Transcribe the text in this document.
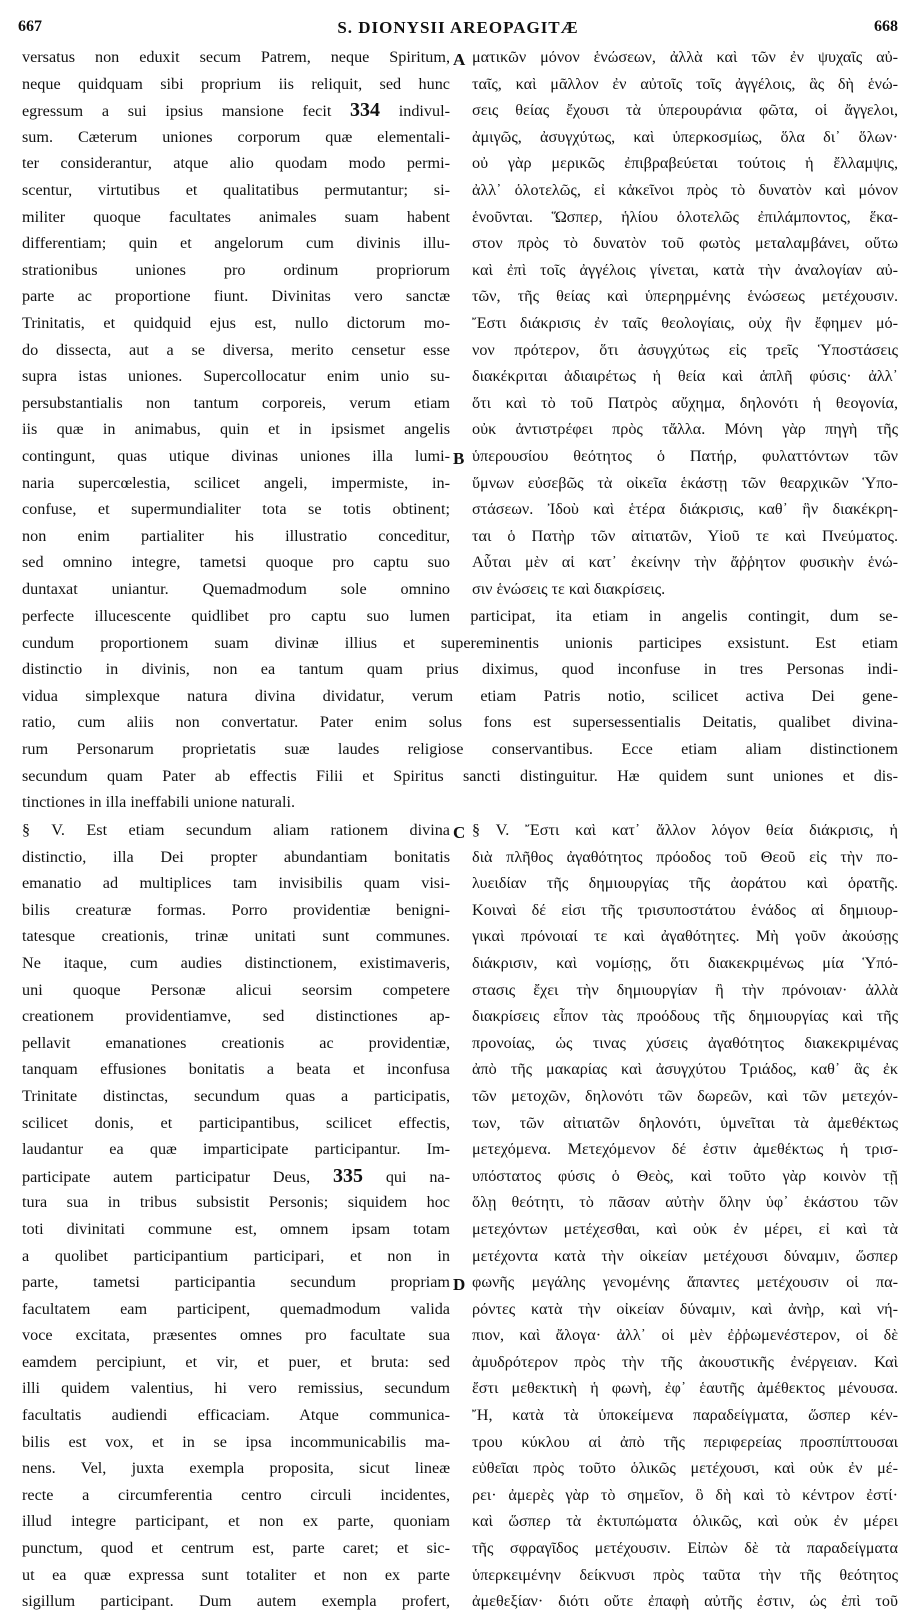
667	S. DIONYSII AREOPAGITÆ	668
versatus non eduxit secum Patrem, neque Spiritum,
neque quidquam sibi proprium iis reliquit, sed hunc
egressum a sui ipsius mansione fecit 334 indivul-
sum. Cæterum uniones corporum quæ elementali-
ter considerantur, atque alio quodam modo permi-
scentur, virtutibus et qualitatibus permutantur; si-
militer quoque facultates animales suam habent
differentiam; quin et angelorum cum divinis illu-
strationibus uniones pro ordinum propriorum
parte ac proportione fiunt. Divinitas vero sanctæ
Trinitatis, et quidquid ejus est, nullo dictorum mo-
do dissecta, aut a se diversa, merito censetur esse
supra istas uniones. Supercollocatur enim unio su-
persubstantialis non tantum corporeis, verum etiam
iis quæ in animabus, quin et in ipsismet angelis
contingunt, quas utique divinas uniones illa lumi-
naria supercœlestia, scilicet angeli, impermiste, in-
confuse, et supermundialiter tota se totis obtinent;
non enim partialiter his illustratio conceditur,
sed omnino integre, tametsi quoque pro captu suo
duntaxat uniantur. Quemadmodum sole omnino
ματικῶν μόνον ἑνώσεων, ἀλλὰ καὶ τῶν ἐν ψυχαῖς αὐ-
ταῖς, καὶ μᾶλλον ἐν αὐτοῖς τοῖς ἀγγέλοις, ἃς δὴ ἑνώ-
σεις θείας ἔχουσι τὰ ὑπερουράνια φῶτα, οἱ ἄγγελοι,
ἀμιγῶς, ἀσυγχύτως, καὶ ὑπερκοσμίως, ὅλα δι᾽ ὅλων·
οὐ γὰρ μερικῶς ἐπιβραβεύεται τούτοις ἡ ἔλλαμψις,
ἀλλ᾽ ὁλοτελῶς, εἰ κἀκεῖνοι πρὸς τὸ δυνατὸν καὶ μόνον
ἑνοῦνται. Ὥσπερ, ἡλίου ὁλοτελῶς ἐπιλάμποντος, ἕκα-
στον πρὸς τὸ δυνατὸν τοῦ φωτὸς μεταλαμβάνει, οὕτω
καὶ ἐπὶ τοῖς ἀγγέλοις γίνεται, κατὰ τὴν ἀναλογίαν αὐ-
τῶν, τῆς θείας καὶ ὑπερηρμένης ἑνώσεως μετέχουσιν.
Ἔστι διάκρισις ἐν ταῖς θεολογίαις, οὐχ ἣν ἔφημεν μό-
νον πρότερον, ὅτι ἀσυγχύτως εἰς τρεῖς Ὑποστάσεις
διακέκριται ἀδιαιρέτως ἡ θεία καὶ ἁπλῆ φύσις· ἀλλ᾽
ὅτι καὶ τὸ τοῦ Πατρὸς αὔχημα, δηλονότι ἡ θεογονία,
οὐκ ἀντιστρέφει πρὸς τἄλλα. Μόνη γὰρ πηγὴ τῆς
ὑπερουσίου θεότητος ὁ Πατήρ, φυλαττόντων τῶν
ὕμνων εὐσεβῶς τὰ οἰκεῖα ἑκάστῃ τῶν θεαρχικῶν Ὑπο-
στάσεων. Ἰδοὺ καὶ ἑτέρα διάκρισις, καθ᾽ ἣν διακέκρη-
ται ὁ Πατὴρ τῶν αἰτιατῶν, Υἱοῦ τε καὶ Πνεύματος.
Αὗται μὲν αἱ κατ᾽ ἐκείνην τὴν ἄῤῥητον φυσικὴν ἑνώ-
σιν ἑνώσεις τε καὶ διακρίσεις.
perfecte illucescente quidlibet pro captu suo lumen participat, ita etiam in angelis contingit, dum se-
cundum proportionem suam divinæ illius et supereminentis unionis participes exsistunt. Est etiam
distinctio in divinis, non ea tantum quam prius diximus, quod inconfuse in tres Personas indi-
vidua simplexque natura divina dividatur, verum etiam Patris notio, scilicet activa Dei gene-
ratio, cum aliis non convertatur. Pater enim solus fons est supersessentialis Deitatis, qualibet divina-
rum Personarum proprietatis suæ laudes religiose conservantibus. Ecce etiam aliam distinctionem
secundum quam Pater ab effectis Filii et Spiritus sancti distinguitur. Hæ quidem sunt uniones et dis-
tinctiones in illa ineffabili unione naturali.
§ V. Est etiam secundum aliam rationem divina
distinctio, illa Dei propter abundantiam bonitatis
emanatio ad multiplices tam invisibilis quam visi-
bilis creaturæ formas. Porro providentiæ benigni-
tatesque creationis, trinæ unitati sunt communes.
Ne itaque, cum audies distinctionem, existimaveris,
uni quoque Personæ alicui seorsim competere
creationem providentiamve, sed distinctiones ap-
pellavit emanationes creationis ac providentiæ,
tanquam effusiones bonitatis a beata et inconfusa
Trinitate distinctas, secundum quas a participatis,
scilicet donis, et participantibus, scilicet effectis,
laudantur ea quæ imparticipate participantur. Im-
participate autem participatur Deus, 335 qui na-
tura sua in tribus subsistit Personis; siquidem hoc
toti divinitati commune est, omnem ipsam totam
a quolibet participantium participari, et non in
parte, tametsi participantia secundum propriam
facultatem eam participent, quemadmodum valida
voce excitata, præsentes omnes pro facultate sua
eamdem percipiunt, et vir, et puer, et bruta: sed
illi quidem valentius, hi vero remissius, secundum
facultatis audiendi efficaciam. Atque communica-
bilis est vox, et in se ipsa incommunicabilis ma-
nens. Vel, juxta exempla proposita, sicut lineæ
recte a circumferentia centro circuli incidentes,
illud integre participant, et non ex parte, quoniam
punctum, quod et centrum est, parte caret; et sic-
ut ea quæ expressa sunt totaliter et non ex parte
sigillum participant. Dum autem exempla profert,
§ V. Ἔστι καὶ κατ᾽ ἄλλον λόγον θεία διάκρισις, ἡ
διὰ πλῆθος ἀγαθότητος πρόοδος τοῦ Θεοῦ εἰς τὴν πο-
λυειδίαν τῆς δημιουργίας τῆς ἀοράτου καὶ ὁρατῆς.
Κοιναὶ δέ εἰσι τῆς τρισυποστάτου ἑνάδος αἱ δημιουρ-
γικαὶ πρόνοιαί τε καὶ ἀγαθότητες. Μὴ γοῦν ἀκούσῃς
διάκρισιν, καὶ νομίσῃς, ὅτι διακεκριμένως μία Ὑπό-
στασις ἔχει τὴν δημιουργίαν ἢ τὴν πρόνοιαν· ἀλλὰ
διακρίσεις εἶπον τὰς προόδους τῆς δημιουργίας καὶ τῆς
προνοίας, ὡς τινας χύσεις ἀγαθότητος διακεκριμένας
ἀπὸ τῆς μακαρίας καὶ ἀσυγχύτου Τριάδος, καθ᾽ ἃς ἐκ
τῶν μετοχῶν, δηλονότι τῶν δωρεῶν, καὶ τῶν μετεχόν-
των, τῶν αἰτιατῶν δηλονότι, ὑμνεῖται τὰ ἀμεθέκτως
μετεχόμενα. Μετεχόμενον δέ ἐστιν ἀμεθέκτως ἡ τρισ-
υπόστατος φύσις ὁ Θεὸς, καὶ τοῦτο γὰρ κοινὸν τῇ
ὅλῃ θεότητι, τὸ πᾶσαν αὐτὴν ὅλην ὑφ᾽ ἑκάστου τῶν
μετεχόντων μετέχεσθαι, καὶ οὐκ ἐν μέρει, εἰ καὶ τὰ
μετέχοντα κατὰ τὴν οἰκείαν μετέχουσι δύναμιν, ὥσπερ
φωνῆς μεγάλης γενομένης ἅπαντες μετέχουσιν οἱ πα-
ρόντες κατὰ τὴν οἰκείαν δύναμιν, καὶ ἀνὴρ, καὶ νή-
πιον, καὶ ἄλογα· ἀλλ᾽ οἱ μὲν ἐῤῥωμενέστερον, οἱ δὲ
ἀμυδρότερον πρὸς τὴν τῆς ἀκουστικῆς ἐνέργειαν. Καὶ
ἔστι μεθεκτικὴ ἡ φωνὴ, ἐφ᾽ ἑαυτῆς ἀμέθεκτος μένουσα.
Ἤ, κατὰ τὰ ὑποκείμενα παραδείγματα, ὥσπερ κέν-
τρου κύκλου αἱ ἀπὸ τῆς περιφερείας προσπίπτουσαι
εὐθεῖαι πρὸς τοῦτο ὁλικῶς μετέχουσι, καὶ οὐκ ἐν μέ-
ρει· ἀμερὲς γὰρ τὸ σημεῖον, ὃ δὴ καὶ τὸ κέντρον ἐστί·
καὶ ὥσπερ τὰ ἐκτυπώματα ὁλικῶς, καὶ οὐκ ἐν μέρει
τῆς σφραγῖδος μετέχουσιν. Εἰπὼν δὲ τὰ παραδείγματα
ὑπερκειμένην δείκνυσι πρὸς ταῦτα τὴν τῆς θεότητος
ἀμεθεξίαν· διότι οὔτε ἐπαφὴ αὐτῆς ἐστιν, ὡς ἐπὶ τοῦ
A
B
C
D
